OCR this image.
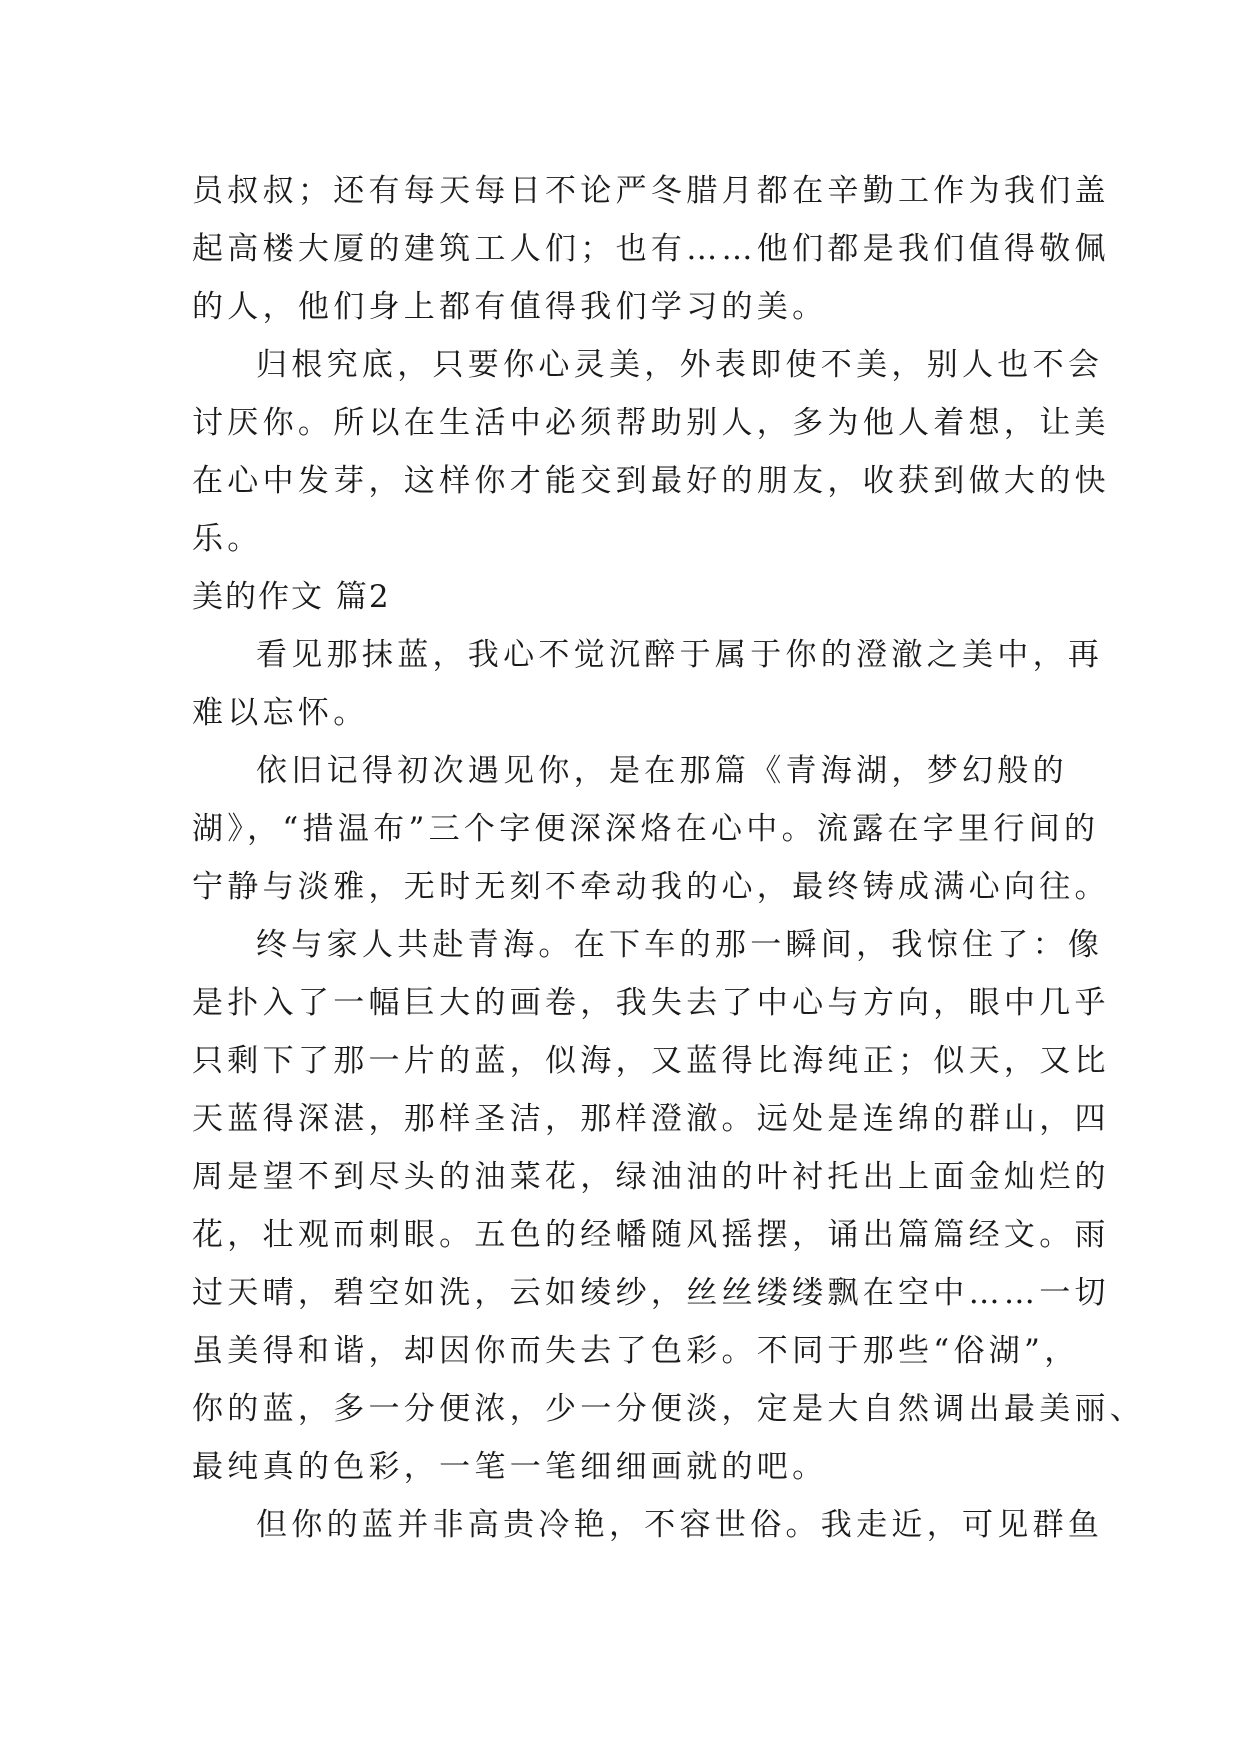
员叔叔；还有每天每日不论严冬腊月都在辛勤工作为我们盖
起高楼大厦的建筑工人们；也有……他们都是我们值得敬佩
的人，他们身上都有值得我们学习的美。
归根究底，只要你心灵美，外表即使不美，别人也不会
讨厌你。所以在生活中必须帮助别人，多为他人着想，让美
在心中发芽，这样你才能交到最好的朋友，收获到做大的快
乐。
美的作文 篇2
看见那抹蓝，我心不觉沉醉于属于你的澄澈之美中，再
难以忘怀。
依旧记得初次遇见你，是在那篇《青海湖，梦幻般的
湖》，“措温布”三个字便深深烙在心中。流露在字里行间的
宁静与淡雅，无时无刻不牵动我的心，最终铸成满心向往。
终与家人共赴青海。在下车的那一瞬间，我惊住了：像
是扑入了一幅巨大的画卷，我失去了中心与方向，眼中几乎
只剩下了那一片的蓝，似海，又蓝得比海纯正；似天，又比
天蓝得深湛，那样圣洁，那样澄澈。远处是连绵的群山，四
周是望不到尽头的油菜花，绿油油的叶衬托出上面金灿烂的
花，壮观而刺眼。五色的经幡随风摇摆，诵出篇篇经文。雨
过天晴，碧空如洗，云如绫纱，丝丝缕缕飘在空中……一切
虽美得和谐，却因你而失去了色彩。不同于那些“俗湖”，
你的蓝，多一分便浓，少一分便淡，定是大自然调出最美丽、
最纯真的色彩，一笔一笔细细画就的吧。
但你的蓝并非高贵冷艳，不容世俗。我走近，可见群鱼
